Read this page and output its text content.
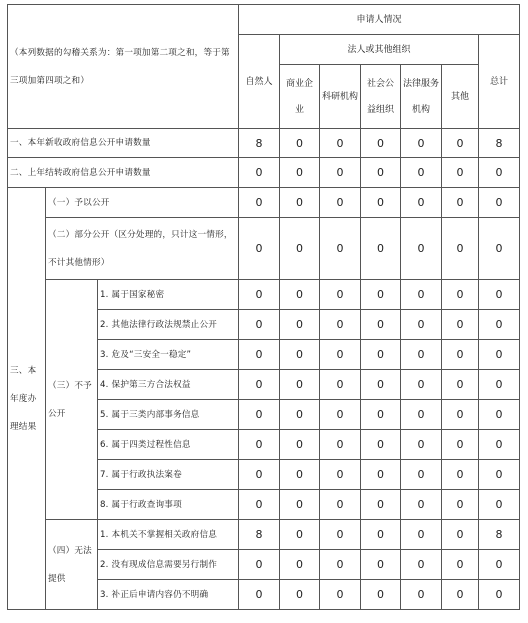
（本列数据的勾稽关系为：第一项加第二项之和，等于第三项加第四项之和）			申请人情况						
			自然人	法人或其他组织					总计
				商业企业	科研机构	社会公益组织	法律服务机构	其他	
一、本年新收政府信息公开申请数量			8	0	0	0	0	0	8
二、上年结转政府信息公开申请数量			0	0	0	0	0	0	0
三、本年度办理结果	（一）予以公开		0	0	0	0	0	0	0
	（二）部分公开（区分处理的，只计这一情形，不计其他情形）		0	0	0	0	0	0	0
	（三）不予公开	1. 属于国家秘密	0	0	0	0	0	0	0
		2. 其他法律行政法规禁止公开	0	0	0	0	0	0	0
		3. 危及“三安全一稳定”	0	0	0	0	0	0	0
		4. 保护第三方合法权益	0	0	0	0	0	0	0
		5. 属于三类内部事务信息	0	0	0	0	0	0	0
		6. 属于四类过程性信息	0	0	0	0	0	0	0
		7. 属于行政执法案卷	0	0	0	0	0	0	0
		8. 属于行政查询事项	0	0	0	0	0	0	0
	（四）无法提供	1. 本机关不掌握相关政府信息	8	0	0	0	0	0	8
		2. 没有现成信息需要另行制作	0	0	0	0	0	0	0
		3. 补正后申请内容仍不明确	0	0	0	0	0	0	0
